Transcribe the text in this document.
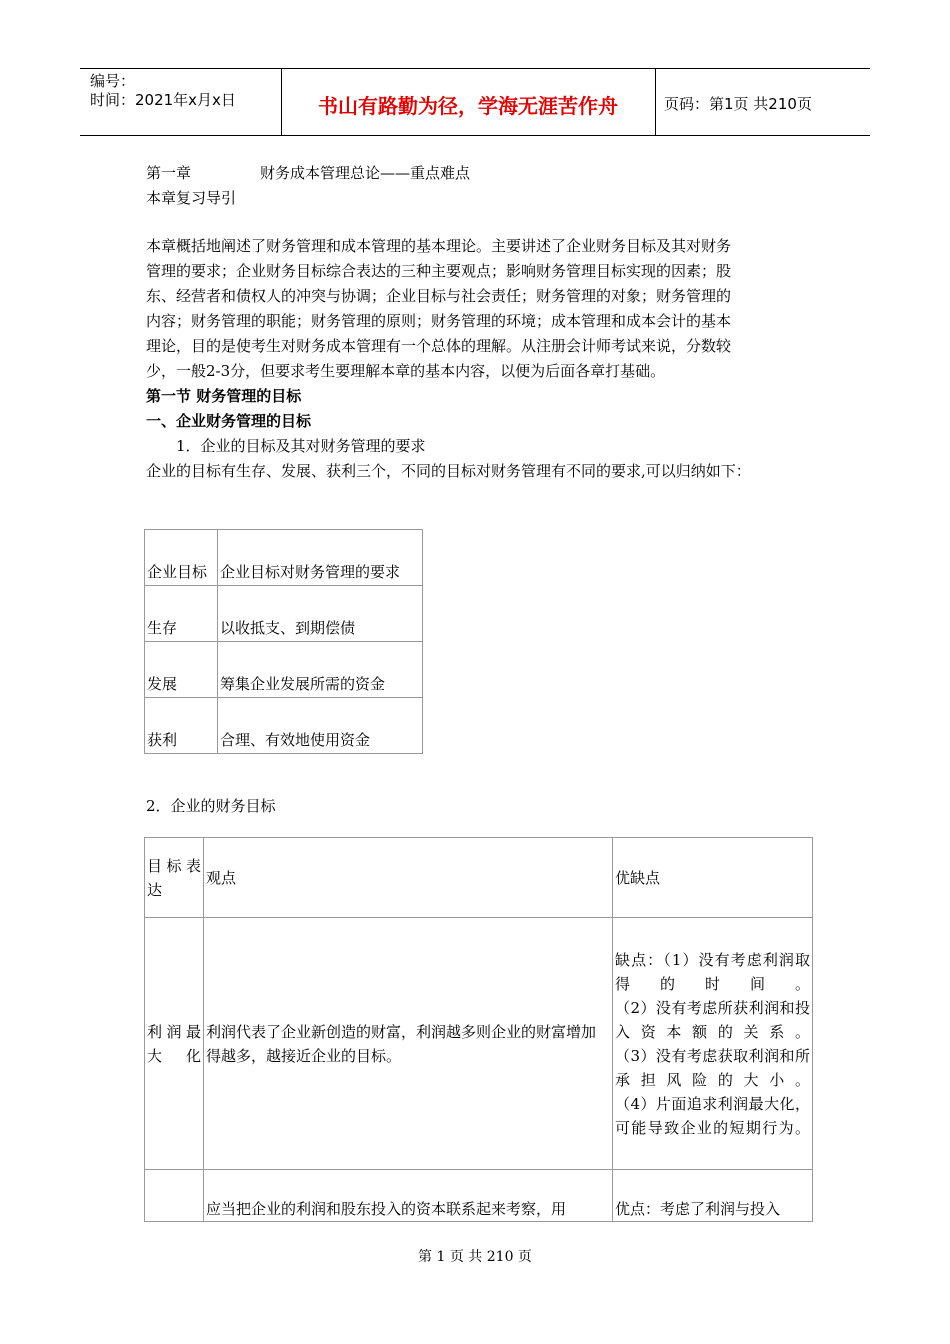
编号：
时间：2021年x月x日	书山有路勤为径，学海无涯苦作舟	页码：第1页 共210页
第一章	财务成本管理总论——重点难点
本章复习导引
本章概括地阐述了财务管理和成本管理的基本理论。主要讲述了企业财务目标及其对财务
管理的要求；企业财务目标综合表达的三种主要观点；影响财务管理目标实现的因素；股
东、经营者和债权人的冲突与协调；企业目标与社会责任；财务管理的对象；财务管理的
内容；财务管理的职能；财务管理的原则；财务管理的环境；成本管理和成本会计的基本
理论，目的是使考生对财务成本管理有一个总体的理解。从注册会计师考试来说，分数较
少，一般2-3分，但要求考生要理解本章的基本内容，以便为后面各章打基础。
第一节 财务管理的目标
一、企业财务管理的目标
1．企业的目标及其对财务管理的要求
企业的目标有生存、发展、获利三个，不同的目标对财务管理有不同的要求,可以归纳如下：
企业目标	企业目标对财务管理的要求
生存	以收抵支、到期偿债
发展	筹集企业发展所需的资金
获利	合理、有效地使用资金
2．企业的财务目标
目标表达	观点	优缺点
利润最大化	利润代表了企业新创造的财富，利润越多则企业的财富增加得越多，越接近企业的目标。	缺点：（1）没有考虑利润取得的时间。
（2）没有考虑所获利润和投入资本额的关系。
（3）没有考虑获取利润和所承担风险的大小。
（4）片面追求利润最大化，可能导致企业的短期行为。

	应当把企业的利润和股东投入的资本联系起来考察，用	优点：考虑了利润与投入
第 1 页 共 210 页
